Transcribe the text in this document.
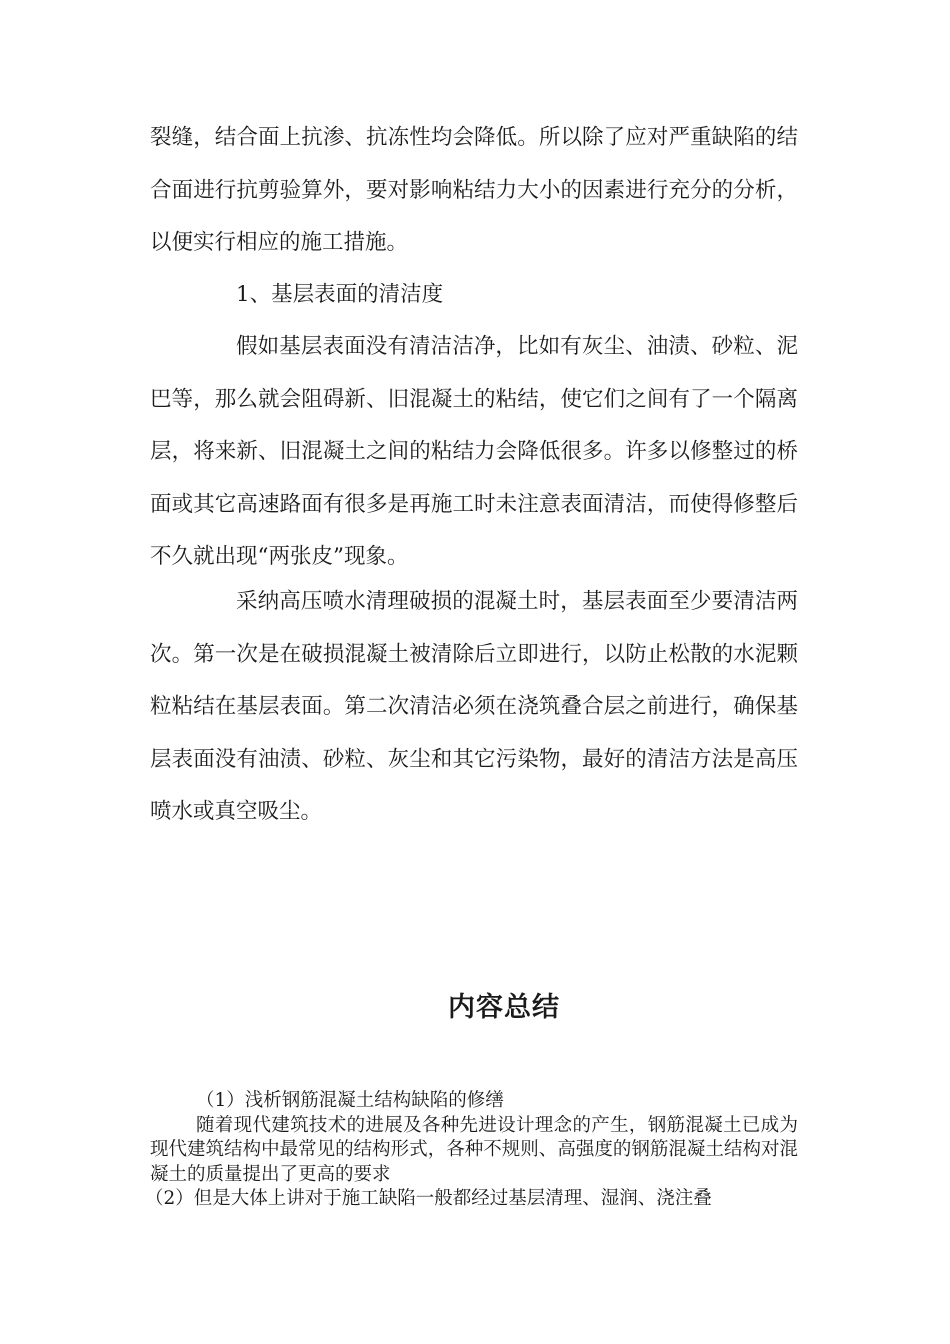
裂缝，结合面上抗渗、抗冻性均会降低。所以除了应对严重缺陷的结合面进行抗剪验算外，要对影响粘结力大小的因素进行充分的分析，以便实行相应的施工措施。

1、基层表面的清洁度

假如基层表面没有清洁洁净，比如有灰尘、油渍、砂粒、泥巴等，那么就会阻碍新、旧混凝土的粘结，使它们之间有了一个隔离层，将来新、旧混凝土之间的粘结力会降低很多。许多以修整过的桥面或其它高速路面有很多是再施工时未注意表面清洁，而使得修整后不久就出现“两张皮”现象。

采纳高压喷水清理破损的混凝土时，基层表面至少要清洁两次。第一次是在破损混凝土被清除后立即进行，以防止松散的水泥颗粒粘结在基层表面。第二次清洁必须在浇筑叠合层之前进行，确保基层表面没有油渍、砂粒、灰尘和其它污染物，最好的清洁方法是高压喷水或真空吸尘。

内容总结
（1）浅析钢筋混凝土结构缺陷的修缮
随着现代建筑技术的进展及各种先进设计理念的产生，钢筋混凝土已成为现代建筑结构中最常见的结构形式，各种不规则、高强度的钢筋混凝土结构对混凝土的质量提出了更高的要求
（2）但是大体上讲对于施工缺陷一般都经过基层清理、湿润、浇注叠
